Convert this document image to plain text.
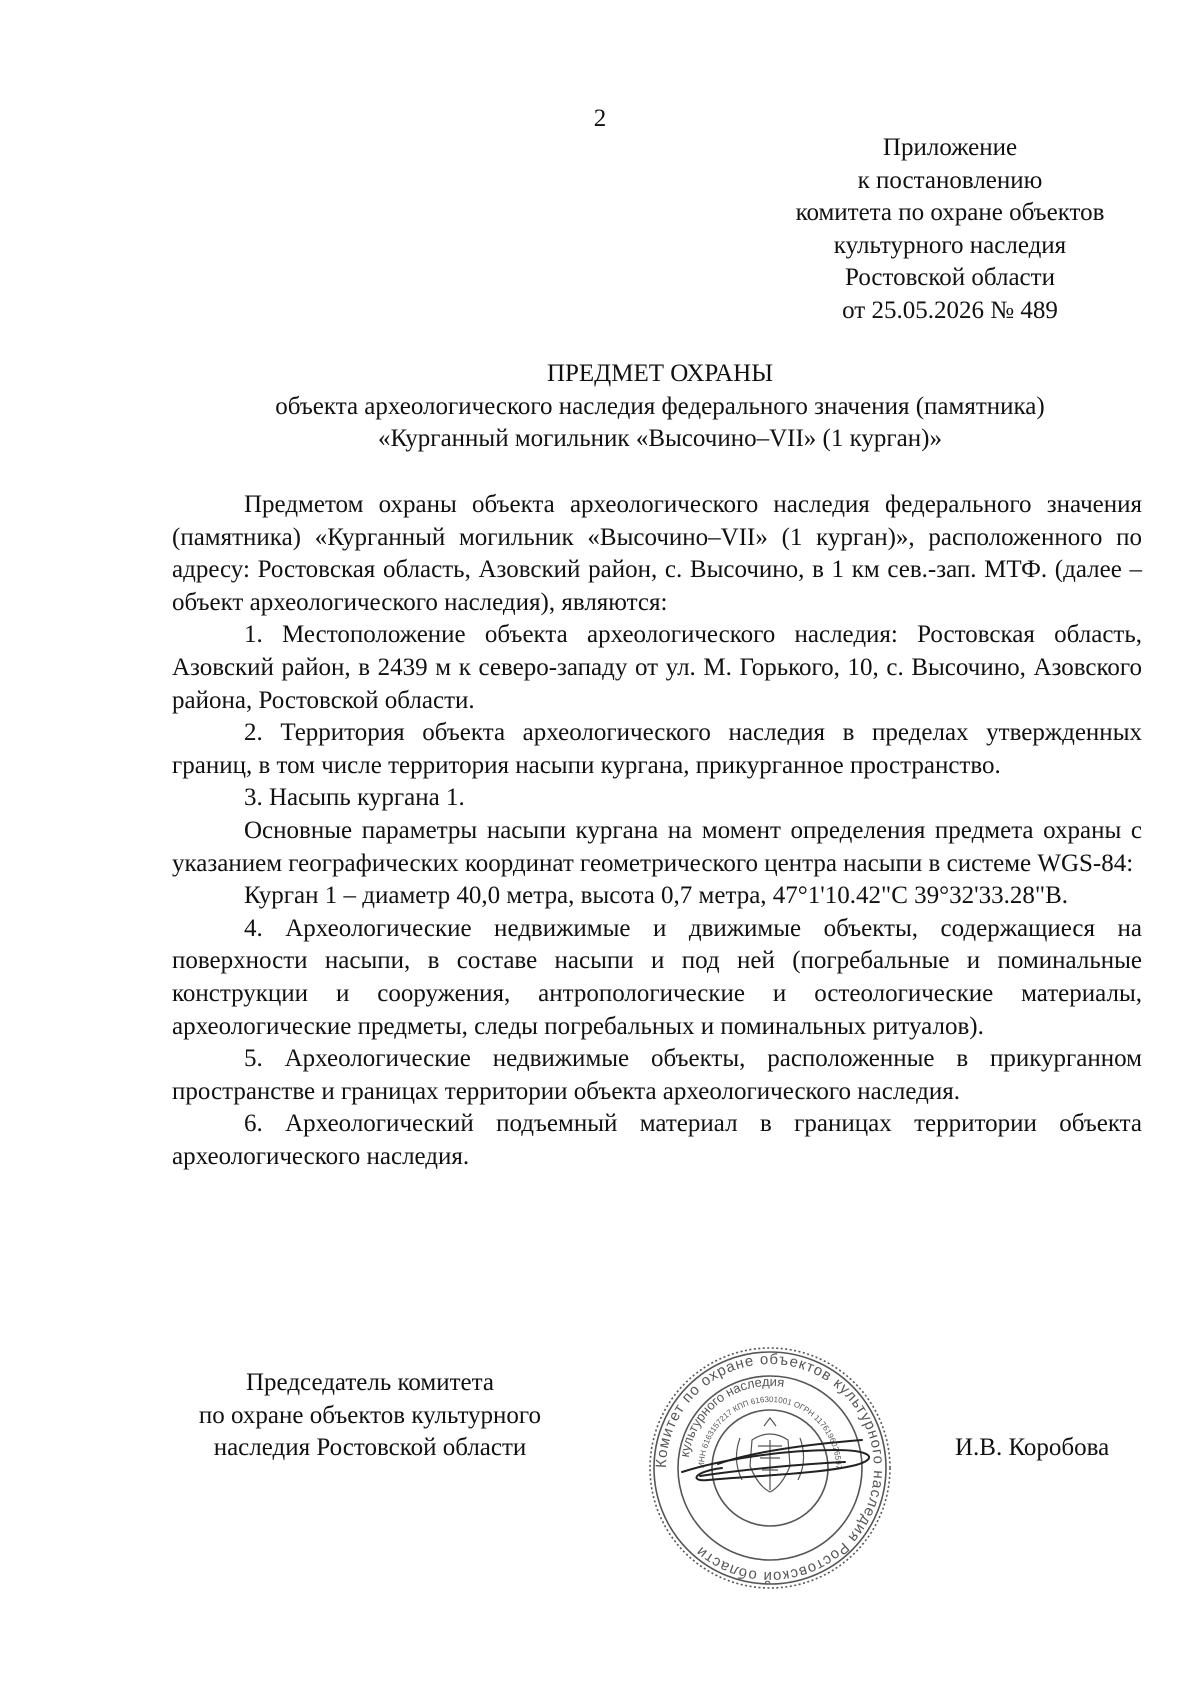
2
Приложение
к постановлению
комитета по охране объектов
культурного наследия
Ростовской области
от 25.05.2026 № 489
ПРЕДМЕТ ОХРАНЫ
объекта археологического наследия федерального значения (памятника)
«Курганный могильник «Высочино–VII» (1 курган)»

Предметом охраны объекта археологического наследия федерального значения (памятника) «Курганный могильник «Высочино–VII» (1 курган)», расположенного по адресу: Ростовская область, Азовский район, с. Высочино, в 1 км сев.-зап. МТФ. (далее – объект археологического наследия), являются:

1. Местоположение объекта археологического наследия: Ростовская область, Азовский район, в 2439 м к северо-западу от ул. М. Горького, 10, с. Высочино, Азовского района, Ростовской области.

2. Территория объекта археологического наследия в пределах утвержденных границ, в том числе территория насыпи кургана, прикурганное пространство.

3. Насыпь кургана 1.

Основные параметры насыпи кургана на момент определения предмета охраны с указанием географических координат геометрического центра насыпи в системе WGS-84:

Курган 1 – диаметр 40,0 метра, высота 0,7 метра, 47°1'10.42"С 39°32'33.28"В.

4. Археологические недвижимые и движимые объекты, содержащиеся на поверхности насыпи, в составе насыпи и под ней (погребальные и поминальные конструкции и сооружения, антропологические и остеологические материалы, археологические предметы, следы погребальных и поминальных ритуалов).

5. Археологические недвижимые объекты, расположенные в прикурганном пространстве и границах территории объекта археологического наследия.

6. Археологический подъемный материал в границах территории объекта археологического наследия.

Председатель комитета
по охране объектов культурного
наследия Ростовской области
Комитет по охране объектов культурного наследия Ростовской области
культурного наследия
ИНН 6163157217 КПП 616301001 ОГРН 1176196026597
И.В. Коробова
